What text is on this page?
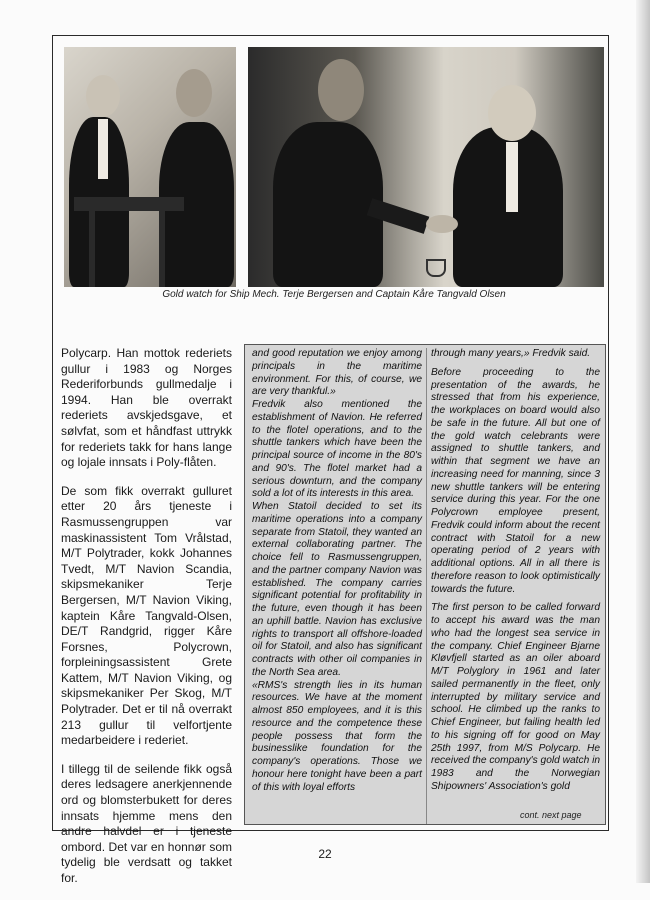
Gold watch for Ship Mech. Terje Bergersen and Captain Kåre Tangvald Olsen

Polycarp. Han mottok rederiets gullur i 1983 og Norges Rederiforbunds gullmedalje i 1994. Han ble overrakt rederiets avskjedsgave, et sølvfat, som et håndfast uttrykk for rederiets takk for hans lange og lojale innsats i Poly-flåten.

De som fikk overrakt gulluret etter 20 års tjeneste i Rasmussengruppen var maskinassistent Tom Vrålstad, M/T Polytrader, kokk Johannes Tvedt, M/T Navion Scandia, skipsmekaniker Terje Bergersen, M/T Navion Viking, kaptein Kåre Tangvald-Olsen, DE/T Randgrid, rigger Kåre Forsnes, Polycrown, forpleiningsassistent Grete Kattem, M/T Navion Viking, og skipsmekaniker Per Skog, M/T Polytrader. Det er til nå overrakt 213 gullur til velfortjente medarbeidere i rederiet.

I tillegg til de seilende fikk også deres ledsagere anerkjennende ord og blomsterbukett for deres innsats hjemme mens den andre halvdel er i tjeneste ombord. Det var en honnør som tydelig ble verdsatt og takket for.

and good reputation we enjoy among principals in the maritime environment. For this, of course, we are very thankful.»

Fredvik also mentioned the establishment of Navion. He referred to the flotel operations, and to the shuttle tankers which have been the principal source of income in the 80's and 90's. The flotel market had a serious downturn, and the company sold a lot of its interests in this area.

When Statoil decided to set its maritime operations into a company separate from Statoil, they wanted an external collaborating partner. The choice fell to Rasmussengruppen, and the partner company Navion was established. The company carries significant potential for profitability in the future, even though it has been an uphill battle. Navion has exclusive rights to transport all offshore-loaded oil for Statoil, and also has significant contracts with other oil companies in the North Sea area.

«RMS's strength lies in its human resources. We have at the moment almost 850 employees, and it is this resource and the competence these people possess that form the businesslike foundation for the company's operations. Those we honour here tonight have been a part of this with loyal efforts

through many years,» Fredvik said.

Before proceeding to the presentation of the awards, he stressed that from his experience, the workplaces on board would also be safe in the future. All but one of the gold watch celebrants were assigned to shuttle tankers, and within that segment we have an increasing need for manning, since 3 new shuttle tankers will be entering service during this year. For the one Polycrown employee present, Fredvik could inform about the recent contract with Statoil for a new operating period of 2 years with additional options. All in all there is therefore reason to look optimistically towards the future.

The first person to be called forward to accept his award was the man who had the longest sea service in the company. Chief Engineer Bjarne Kløvfjell started as an oiler aboard M/T Polyglory in 1961 and later sailed permanently in the fleet, only interrupted by military service and school. He climbed up the ranks to Chief Engineer, but failing health led to his signing off for good on May 25th 1997, from M/S Polycarp. He received the company's gold watch in 1983 and the Norwegian Shipowners' Association's gold

cont. next page
22
